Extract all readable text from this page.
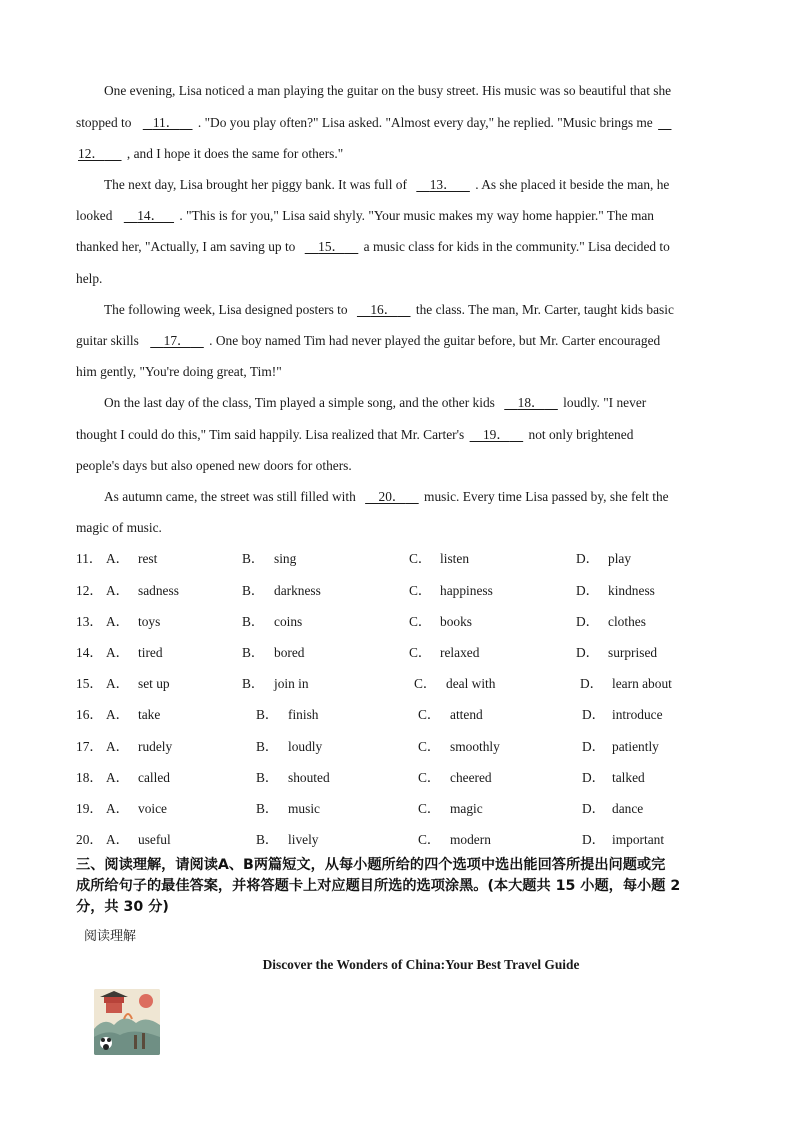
One evening, Lisa noticed a man playing the guitar on the busy street. His music was so beautiful that she
stopped to 11． . "Do you play often?" Lisa asked. "Almost every day," he replied. "Music brings me
12． , and I hope it does the same for others."
The next day, Lisa brought her piggy bank. It was full of 13． . As she placed it beside the man, he
looked 14． . "This is for you," Lisa said shyly. "Your music makes my way home happier." The man
thanked her, "Actually, I am saving up to 15． a music class for kids in the community." Lisa decided to
help.
The following week, Lisa designed posters to 16． the class. The man, Mr. Carter, taught kids basic
guitar skills 17． . One boy named Tim had never played the guitar before, but Mr. Carter encouraged
him gently, "You're doing great, Tim!"
On the last day of the class, Tim played a simple song, and the other kids 18． loudly. "I never
thought I could do this," Tim said happily. Lisa realized that Mr. Carter's 19． not only brightened
people's days but also opened new doors for others.
As autumn came, the street was still filled with 20． music. Every time Lisa passed by, she felt the
magic of music.
11． A． rest	B． sing	C． listen	D． play
12． A． sadness	B． darkness	C． happiness	D． kindness
13． A． toys	B． coins	C． books	D． clothes
14． A． tired	B． bored	C． relaxed	D． surprised
15． A． set up	B． join in	C． deal with	D． learn about
16． A． take	B． finish	C． attend	D． introduce
17． A． rudely	B． loudly	C． smoothly	D． patiently
18． A． called	B． shouted	C． cheered	D． talked
19． A． voice	B． music	C． magic	D． dance
20． A． useful	B． lively	C． modern	D． important
三、阅读理解，请阅读A、B两篇短文，从每小题所给的四个选项中选出能回答所提出问题或完
成所给句子的最佳答案，并将答题卡上对应题目所选的选项涂黑。(本大题共 15 小题，每小题 2
分，共 30 分)
阅读理解
Discover the Wonders of China:Your Best Travel Guide
